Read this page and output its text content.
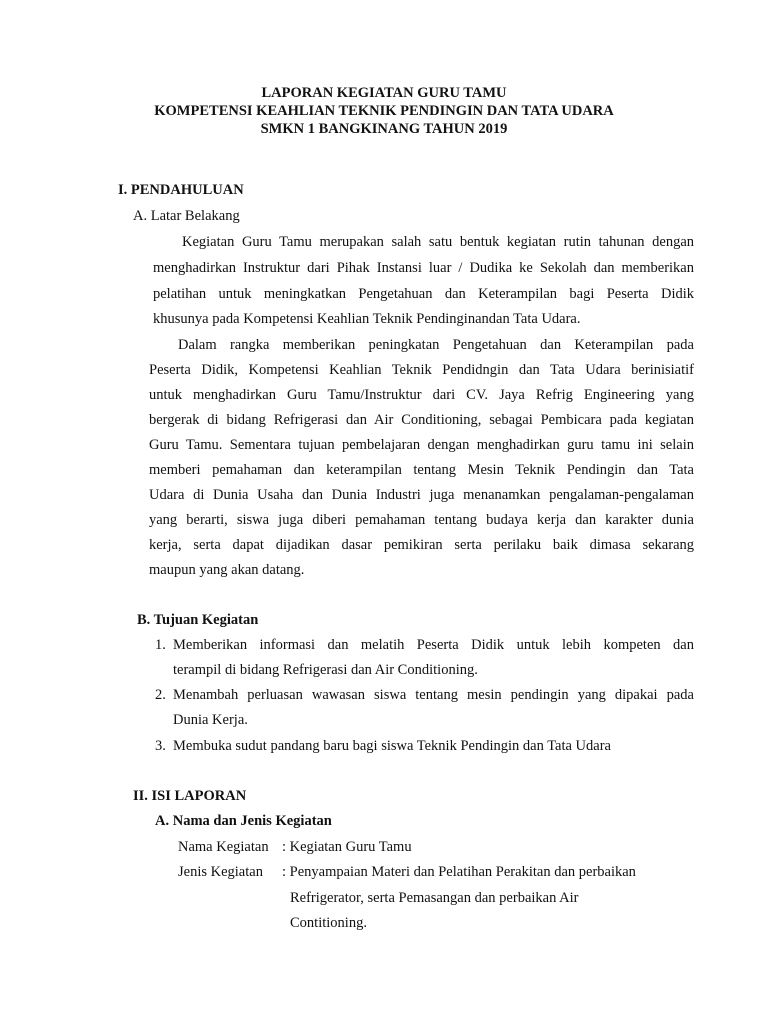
LAPORAN KEGIATAN GURU TAMU
KOMPETENSI KEAHLIAN TEKNIK PENDINGIN DAN TATA UDARA
SMKN 1 BANGKINANG TAHUN 2019
I. PENDAHULUAN
A. Latar Belakang
Kegiatan Guru Tamu merupakan salah satu bentuk kegiatan rutin tahunan dengan
menghadirkan Instruktur dari Pihak Instansi luar / Dudika ke Sekolah dan memberikan
pelatihan untuk meningkatkan Pengetahuan dan Keterampilan bagi Peserta Didik
khusunya pada Kompetensi Keahlian Teknik Pendinginandan Tata Udara.
Dalam rangka memberikan peningkatan Pengetahuan dan Keterampilan pada
Peserta Didik, Kompetensi Keahlian Teknik Pendidngin dan Tata Udara berinisiatif
untuk menghadirkan Guru Tamu/Instruktur dari CV. Jaya Refrig Engineering yang
bergerak di bidang Refrigerasi dan Air Conditioning, sebagai Pembicara pada kegiatan
Guru Tamu. Sementara tujuan pembelajaran dengan menghadirkan guru tamu ini selain
memberi pemahaman dan keterampilan tentang Mesin Teknik Pendingin dan Tata
Udara di Dunia Usaha dan Dunia Industri juga menanamkan pengalaman-pengalaman
yang berarti, siswa juga diberi pemahaman tentang budaya kerja dan karakter dunia
kerja, serta dapat dijadikan dasar pemikiran serta perilaku baik dimasa sekarang
maupun yang akan datang.
B. Tujuan Kegiatan
1. Memberikan informasi dan melatih Peserta Didik untuk lebih kompeten dan
terampil di bidang Refrigerasi dan Air Conditioning.
2. Menambah perluasan wawasan siswa tentang mesin pendingin yang dipakai pada
Dunia Kerja.
3. Membuka sudut pandang baru bagi siswa Teknik Pendingin dan Tata Udara
II. ISI LAPORAN
A. Nama dan Jenis Kegiatan
Nama Kegiatan : Kegiatan Guru Tamu
Jenis Kegiatan : Penyampaian Materi dan Pelatihan Perakitan dan perbaikan
Refrigerator, serta Pemasangan dan perbaikan Air
Contitioning.
